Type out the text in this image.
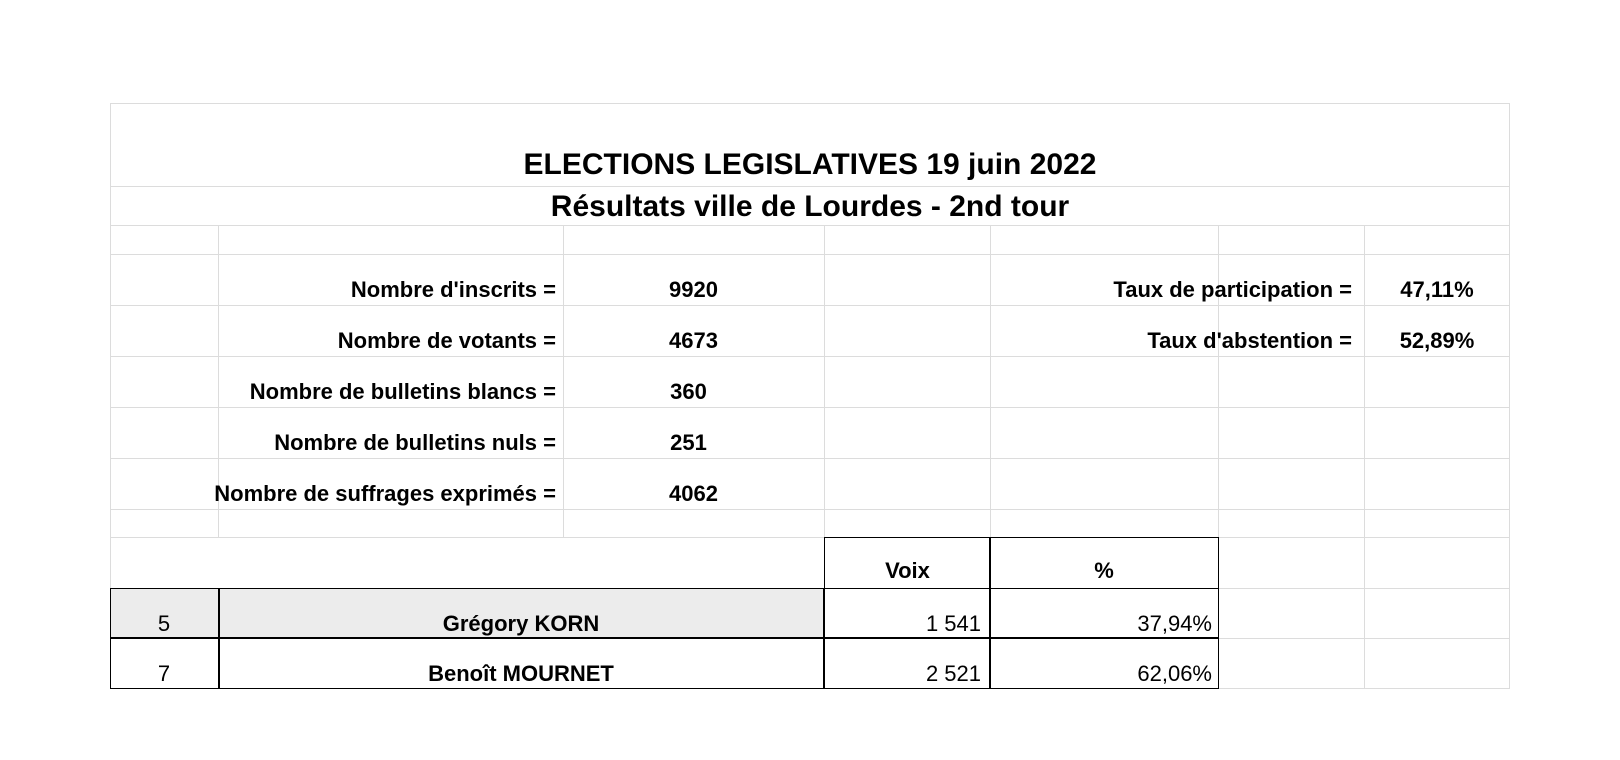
ELECTIONS LEGISLATIVES 19 juin 2022
Résultats ville de Lourdes - 2nd tour
Nombre d'inscrits =	9920
Nombre de votants =	4673
Nombre de bulletins blancs =	360
Nombre de bulletins nuls =	251
Nombre de suffrages exprimés =	4062
Taux de participation =	47,11%
Taux d'abstention =	52,89%
Voix	%
5	Grégory KORN	1 541	37,94%
7	Benoît MOURNET	2 521	62,06%
